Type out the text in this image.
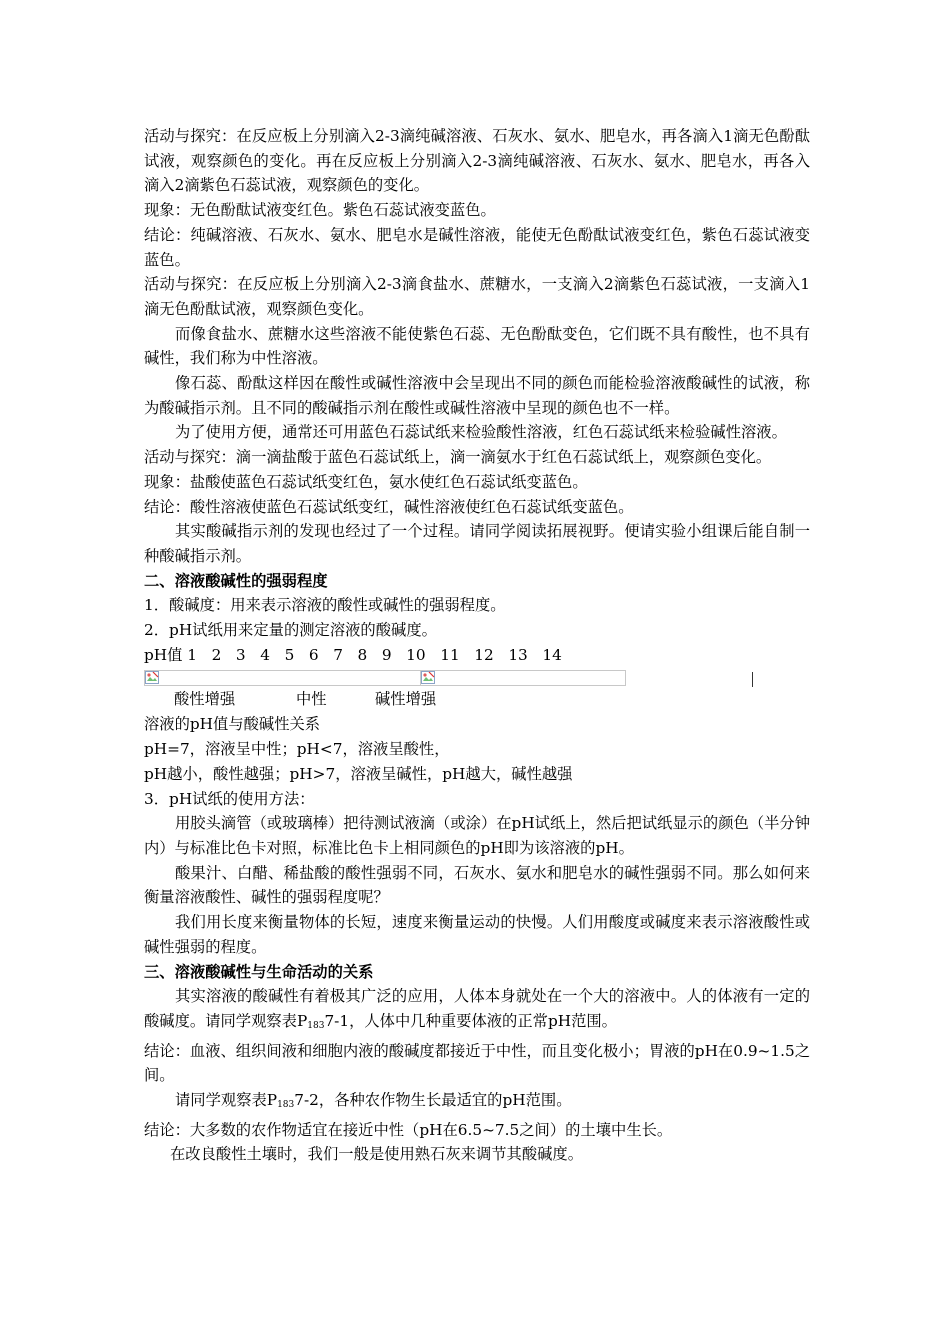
活动与探究：在反应板上分别滴入2-3滴纯碱溶液、石灰水、氨水、肥皂水，再各滴入1滴无色酚酞试液，观察颜色的变化。再在反应板上分别滴入2-3滴纯碱溶液、石灰水、氨水、肥皂水，再各入滴入2滴紫色石蕊试液，观察颜色的变化。

现象：无色酚酞试液变红色。紫色石蕊试液变蓝色。

结论：纯碱溶液、石灰水、氨水、肥皂水是碱性溶液，能使无色酚酞试液变红色，紫色石蕊试液变蓝色。

活动与探究：在反应板上分别滴入2-3滴食盐水、蔗糖水，一支滴入2滴紫色石蕊试液，一支滴入1滴无色酚酞试液，观察颜色变化。

而像食盐水、蔗糖水这些溶液不能使紫色石蕊、无色酚酞变色，它们既不具有酸性，也不具有碱性，我们称为中性溶液。

像石蕊、酚酞这样因在酸性或碱性溶液中会呈现出不同的颜色而能检验溶液酸碱性的试液，称为酸碱指示剂。且不同的酸碱指示剂在酸性或碱性溶液中呈现的颜色也不一样。

为了使用方便，通常还可用蓝色石蕊试纸来检验酸性溶液，红色石蕊试纸来检验碱性溶液。

活动与探究：滴一滴盐酸于蓝色石蕊试纸上，滴一滴氨水于红色石蕊试纸上，观察颜色变化。

现象：盐酸使蓝色石蕊试纸变红色，氨水使红色石蕊试纸变蓝色。

结论：酸性溶液使蓝色石蕊试纸变红，碱性溶液使红色石蕊试纸变蓝色。

其实酸碱指示剂的发现也经过了一个过程。请同学阅读拓展视野。便请实验小组课后能自制一种酸碱指示剂。

二、溶液酸碱性的强弱程度

1．酸碱度：用来表示溶液的酸性或碱性的强弱程度。

2．pH试纸用来定量的测定溶液的酸碱度。

pH值 1   2   3   4   5   6   7   8   9   10   11   12   13   14

酸性增强	中性	碱性增强

溶液的pH值与酸碱性关系

pH=7，溶液呈中性；pH<7，溶液呈酸性，

pH越小，酸性越强；pH>7，溶液呈碱性，pH越大，碱性越强

3．pH试纸的使用方法：

用胶头滴管（或玻璃棒）把待测试液滴（或涂）在pH试纸上，然后把试纸显示的颜色（半分钟内）与标准比色卡对照，标准比色卡上相同颜色的pH即为该溶液的pH。

酸果汁、白醋、稀盐酸的酸性强弱不同，石灰水、氨水和肥皂水的碱性强弱不同。那么如何来衡量溶液酸性、碱性的强弱程度呢？

我们用长度来衡量物体的长短，速度来衡量运动的快慢。人们用酸度或碱度来表示溶液酸性或碱性强弱的程度。

三、溶液酸碱性与生命活动的关系

其实溶液的酸碱性有着极其广泛的应用，人体本身就处在一个大的溶液中。人的体液有一定的酸碱度。请同学观察表$P_{183}7-1$，人体中几种重要体液的正常pH范围。

结论：血液、组织间液和细胞内液的酸碱度都接近于中性，而且变化极小；胃液的pH在0.9~1.5之间。

请同学观察表$P_{183}7-2$，各种农作物生长最适宜的pH范围。

结论：大多数的农作物适宜在接近中性（pH在6.5~7.5之间）的土壤中生长。

在改良酸性土壤时，我们一般是使用熟石灰来调节其酸碱度。
